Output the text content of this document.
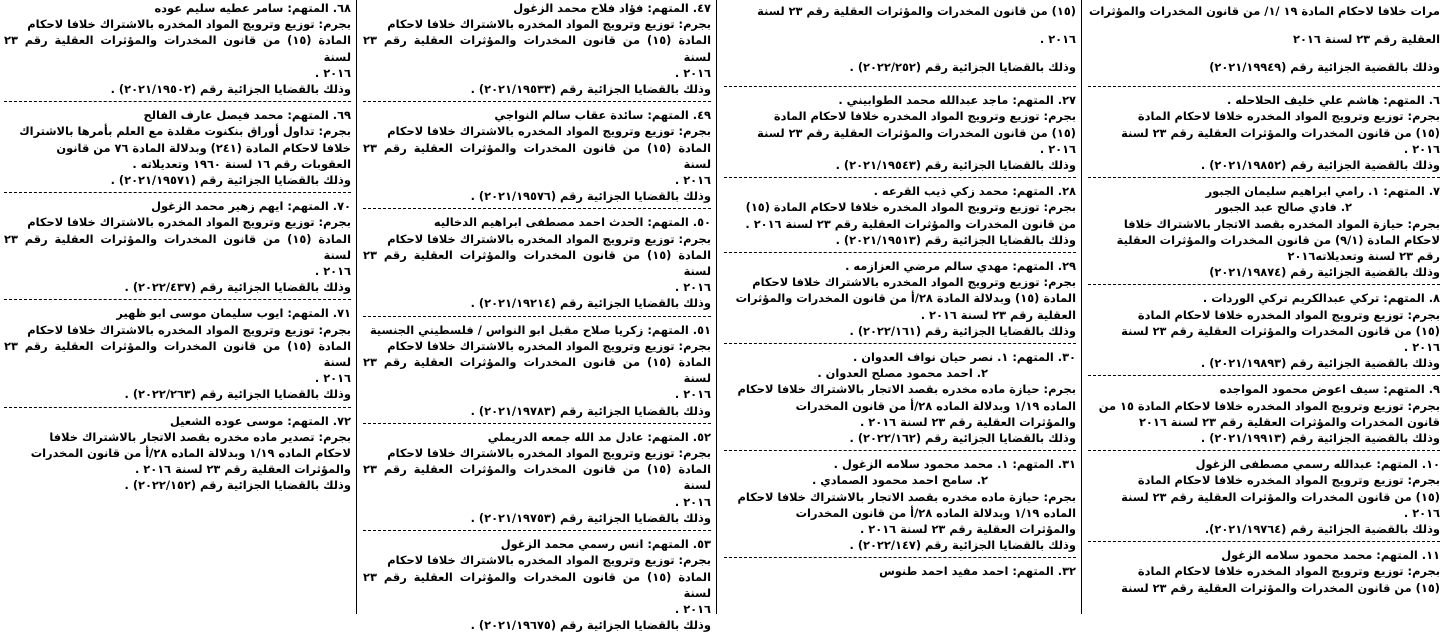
مرات خلافا لاحكام المادة ١٩ /١/ من قانون المخدرات والمؤثرات

العقلية رقم ٢٣ لسنة ٢٠١٦

وذلك بالقضية الجزائية رقم (٢٠٢١/١٩٩٤٩)

٦. المتهم: هاشم علي خليف الحلاحله .

بجرم: توزيع وترويج المواد المخدره خلافا لاحكام المادة

(١٥) من قانون المخدرات والمؤثرات العقلية رقم ٢٣ لسنة

٢٠١٦ .

وذلك بالقضية الجزائية رقم (٢٠٢١/١٩٨٥٢) .

٧. المتهم: ١. رامي ابراهيم سليمان الجبور

٢. فادي صالح عبد الجبور

بجرم: حيازة المواد المخدره بقصد الاتجار بالاشتراك خلافا

لاحكام المادة (٩/١) من قانون المخدرات والمؤثرات العقلية

رقم ٢٣ لسنة وتعديلاته٢٠١٦

وذلك بالقضية الجزائية رقم (٢٠٢١/١٩٨٧٤)

٨. المتهم: تركي عبدالكريم تركي الوردات .

بجرم: توزيع وترويج المواد المخدره خلافا لاحكام المادة

(١٥) من قانون المخدرات والمؤثرات العقلية رقم ٢٣ لسنة

٢٠١٦ .

وذلك بالقضية الجزائية رقم (٢٠٢١/١٩٨٩٣) .

٩. المتهم: سيف اعوض محمود المواجده

بجرم: توزيع وترويج المواد المخدره خلافا لاحكام المادة ١٥ من

قانون المخدرات والمؤثرات العقلية رقم ٢٣ لسنة ٢٠١٦

وذلك بالقضية الجزائية رقم (٢٠٢١/١٩٩١٣) .

١٠. المتهم: عبدالله رسمي مصطفى الزغول

بجرم: توزيع وترويج المواد المخدره خلافا لاحكام المادة

(١٥) من قانون المخدرات والمؤثرات العقلية رقم ٢٣ لسنة

٢٠١٦ .

وذلك بالقضية الجزائية رقم (٢٠٢١/١٩٧٦٤).

١١. المتهم: محمد محمود سلامه الزغول

بجرم: توزيع وترويج المواد المخدره خلافا لاحكام المادة

(١٥) من قانون المخدرات والمؤثرات العقلية رقم ٢٣ لسنة

(١٥) من قانون المخدرات والمؤثرات العقلية رقم ٢٣ لسنة

٢٠١٦ .

وذلك بالقضايا الجزائية رقم (٢٠٢٢/٢٥٢) .

٢٧. المتهم: ماجد عبدالله محمد الطوابيني .

بجرم: توزيع وترويج المواد المخدره خلافا لاحكام المادة

(١٥) من قانون المخدرات والمؤثرات العقلية رقم ٢٣ لسنة

٢٠١٦ .

وذلك بالقضايا الجزائية رقم (٢٠٢١/١٩٥٤٣) .

٢٨. المتهم: محمد زكي ذيب القرعه .

بجرم: توزيع وترويج المواد المخدره خلافا لاحكام المادة (١٥)

من قانون المخدرات والمؤثرات العقلية رقم ٢٣ لسنة ٢٠١٦ .

وذلك بالقضايا الجزائية رقم (٢٠٢١/١٩٥١٣) .

٢٩. المتهم: مهدي سالم مرضي العزازمه .

بجرم: توزيع وترويج المواد المخدره بالاشتراك خلافا لاحكام

المادة (١٥) وبدلالة المادة ٢٨/أ من قانون المخدرات والمؤثرات

العقلية رقم ٢٣ لسنة ٢٠١٦ .

وذلك بالقضايا الجزائية رقم (٢٠٢٢/١٦١) .

٣٠. المتهم: ١. نصر حيان نواف العدوان .

٢. احمد محمود مصلح العدوان .

بجرم: حيازة ماده مخدره بقصد الاتجار بالاشتراك خلافا لاحكام

الماده ١/١٩ وبدلالة الماده ٢٨/أ من قانون المخدرات

والمؤثرات العقلية رقم ٢٣ لسنة ٢٠١٦ .

وذلك بالقضايا الجزائية رقم (٢٠٢٢/١٦٢) .

٣١. المتهم: ١. محمد محمود سلامه الزغول .

٢. سامح احمد محمود الصمادي .

بجرم: حيازة ماده مخدره بقصد الاتجار بالاشتراك خلافا لاحكام

الماده ١/١٩ وبدلالة الماده ٢٨/أ من قانون المخدرات

والمؤثرات العقلية رقم ٢٣ لسنة ٢٠١٦ .

وذلك بالقضايا الجزائية رقم (٢٠٢٢/١٤٧) .

٣٢. المتهم: احمد مفيد احمد طنوس

٤٧. المتهم: فؤاد فلاح محمد الزغول

بجرم: توزيع وترويج المواد المخدره بالاشتراك خلافا لاحكام

المادة (١٥) من قانون المخدرات والمؤثرات العقلية رقم ٢٣ لسنة

٢٠١٦ .

وذلك بالقضايا الجزائية رقم (٢٠٢١/١٩٥٣٣) .

٤٩. المتهم: سائدة عقاب سالم النواجي

بجرم: توزيع وترويج المواد المخدره بالاشتراك خلافا لاحكام

المادة (١٥) من قانون المخدرات والمؤثرات العقلية رقم ٢٣ لسنة

٢٠١٦ .

وذلك بالقضايا الجزائية رقم (٢٠٢١/١٩٥٧٦) .

٥٠. المتهم: الحدث احمد مصطفى ابراهيم الدخاليه

بجرم: توزيع وترويج المواد المخدره بالاشتراك خلافا لاحكام

المادة (١٥) من قانون المخدرات والمؤثرات العقلية رقم ٢٣ لسنة

٢٠١٦ .

وذلك بالقضايا الجزائية رقم (٢٠٢١/١٩٢١٤) .

٥١. المتهم: زكريا صلاح مقبل ابو النواس / فلسطيني الجنسية

بجرم: توزيع وترويج المواد المخدره بالاشتراك خلافا لاحكام

المادة (١٥) من قانون المخدرات والمؤثرات العقلية رقم ٢٣ لسنة

٢٠١٦ .

وذلك بالقضايا الجزائية رقم (٢٠٢١/١٩٧٨٣) .

٥٢. المتهم: عادل مد الله جمعه الدريملي

بجرم: توزيع وترويج المواد المخدره بالاشتراك خلافا لاحكام

المادة (١٥) من قانون المخدرات والمؤثرات العقلية رقم ٢٣ لسنة

٢٠١٦ .

وذلك بالقضايا الجزائية رقم (٢٠٢١/١٩٧٥٣) .

٥٣. المتهم: انس رسمي محمد الزغول

بجرم: توزيع وترويج المواد المخدره بالاشتراك خلافا لاحكام

المادة (١٥) من قانون المخدرات والمؤثرات العقلية رقم ٢٣ لسنة

٢٠١٦ .

وذلك بالقضايا الجزائية رقم (٢٠٢١/١٩٦٧٥) .

٦٨. المتهم: سامر عطيه سليم عوده

بجرم: توزيع وترويج المواد المخدره بالاشتراك خلافا لاحكام

المادة (١٥) من قانون المخدرات والمؤثرات العقلية رقم ٢٣ لسنة

٢٠١٦ .

وذلك بالقضايا الجزائية رقم (٢٠٢١/١٩٥٠٢) .

٦٩. المتهم: محمد فيصل عارف الفالح

بجرم: تداول أوراق بنكنوت مقلدة مع العلم بأمرها بالاشتراك

خلافا لاحكام المادة (٢٤١) وبدلالة المادة ٧٦ من قانون

العقوبات رقم ١٦ لسنة ١٩٦٠ وتعديلاته .

وذلك بالقضايا الجزائية رقم (٢٠٢١/١٩٥٧١) .

٧٠. المتهم: ايهم زهير محمد الزغول

بجرم: توزيع وترويج المواد المخدره بالاشتراك خلافا لاحكام

المادة (١٥) من قانون المخدرات والمؤثرات العقلية رقم ٢٣ لسنة

٢٠١٦ .

وذلك بالقضايا الجزائية رقم (٢٠٢٢/٤٣٧) .

٧١. المتهم: ايوب سليمان موسى ابو ظهير

بجرم: توزيع وترويج المواد المخدره بالاشتراك خلافا لاحكام

المادة (١٥) من قانون المخدرات والمؤثرات العقلية رقم ٢٣ لسنة

٢٠١٦ .

وذلك بالقضايا الجزائية رقم (٢٠٢٢/٢٦٣) .

٧٢. المتهم: موسى عوده الشعيل

بجرم: تصدير ماده مخدره بقصد الاتجار بالاشتراك خلافا

لاحكام الماده ١/١٩ وبدلالة الماده ٢٨/أ من قانون المخدرات

والمؤثرات العقلية رقم ٢٣ لسنة ٢٠١٦ .

وذلك بالقضايا الجزائية رقم (٢٠٢٢/١٥٢) .
